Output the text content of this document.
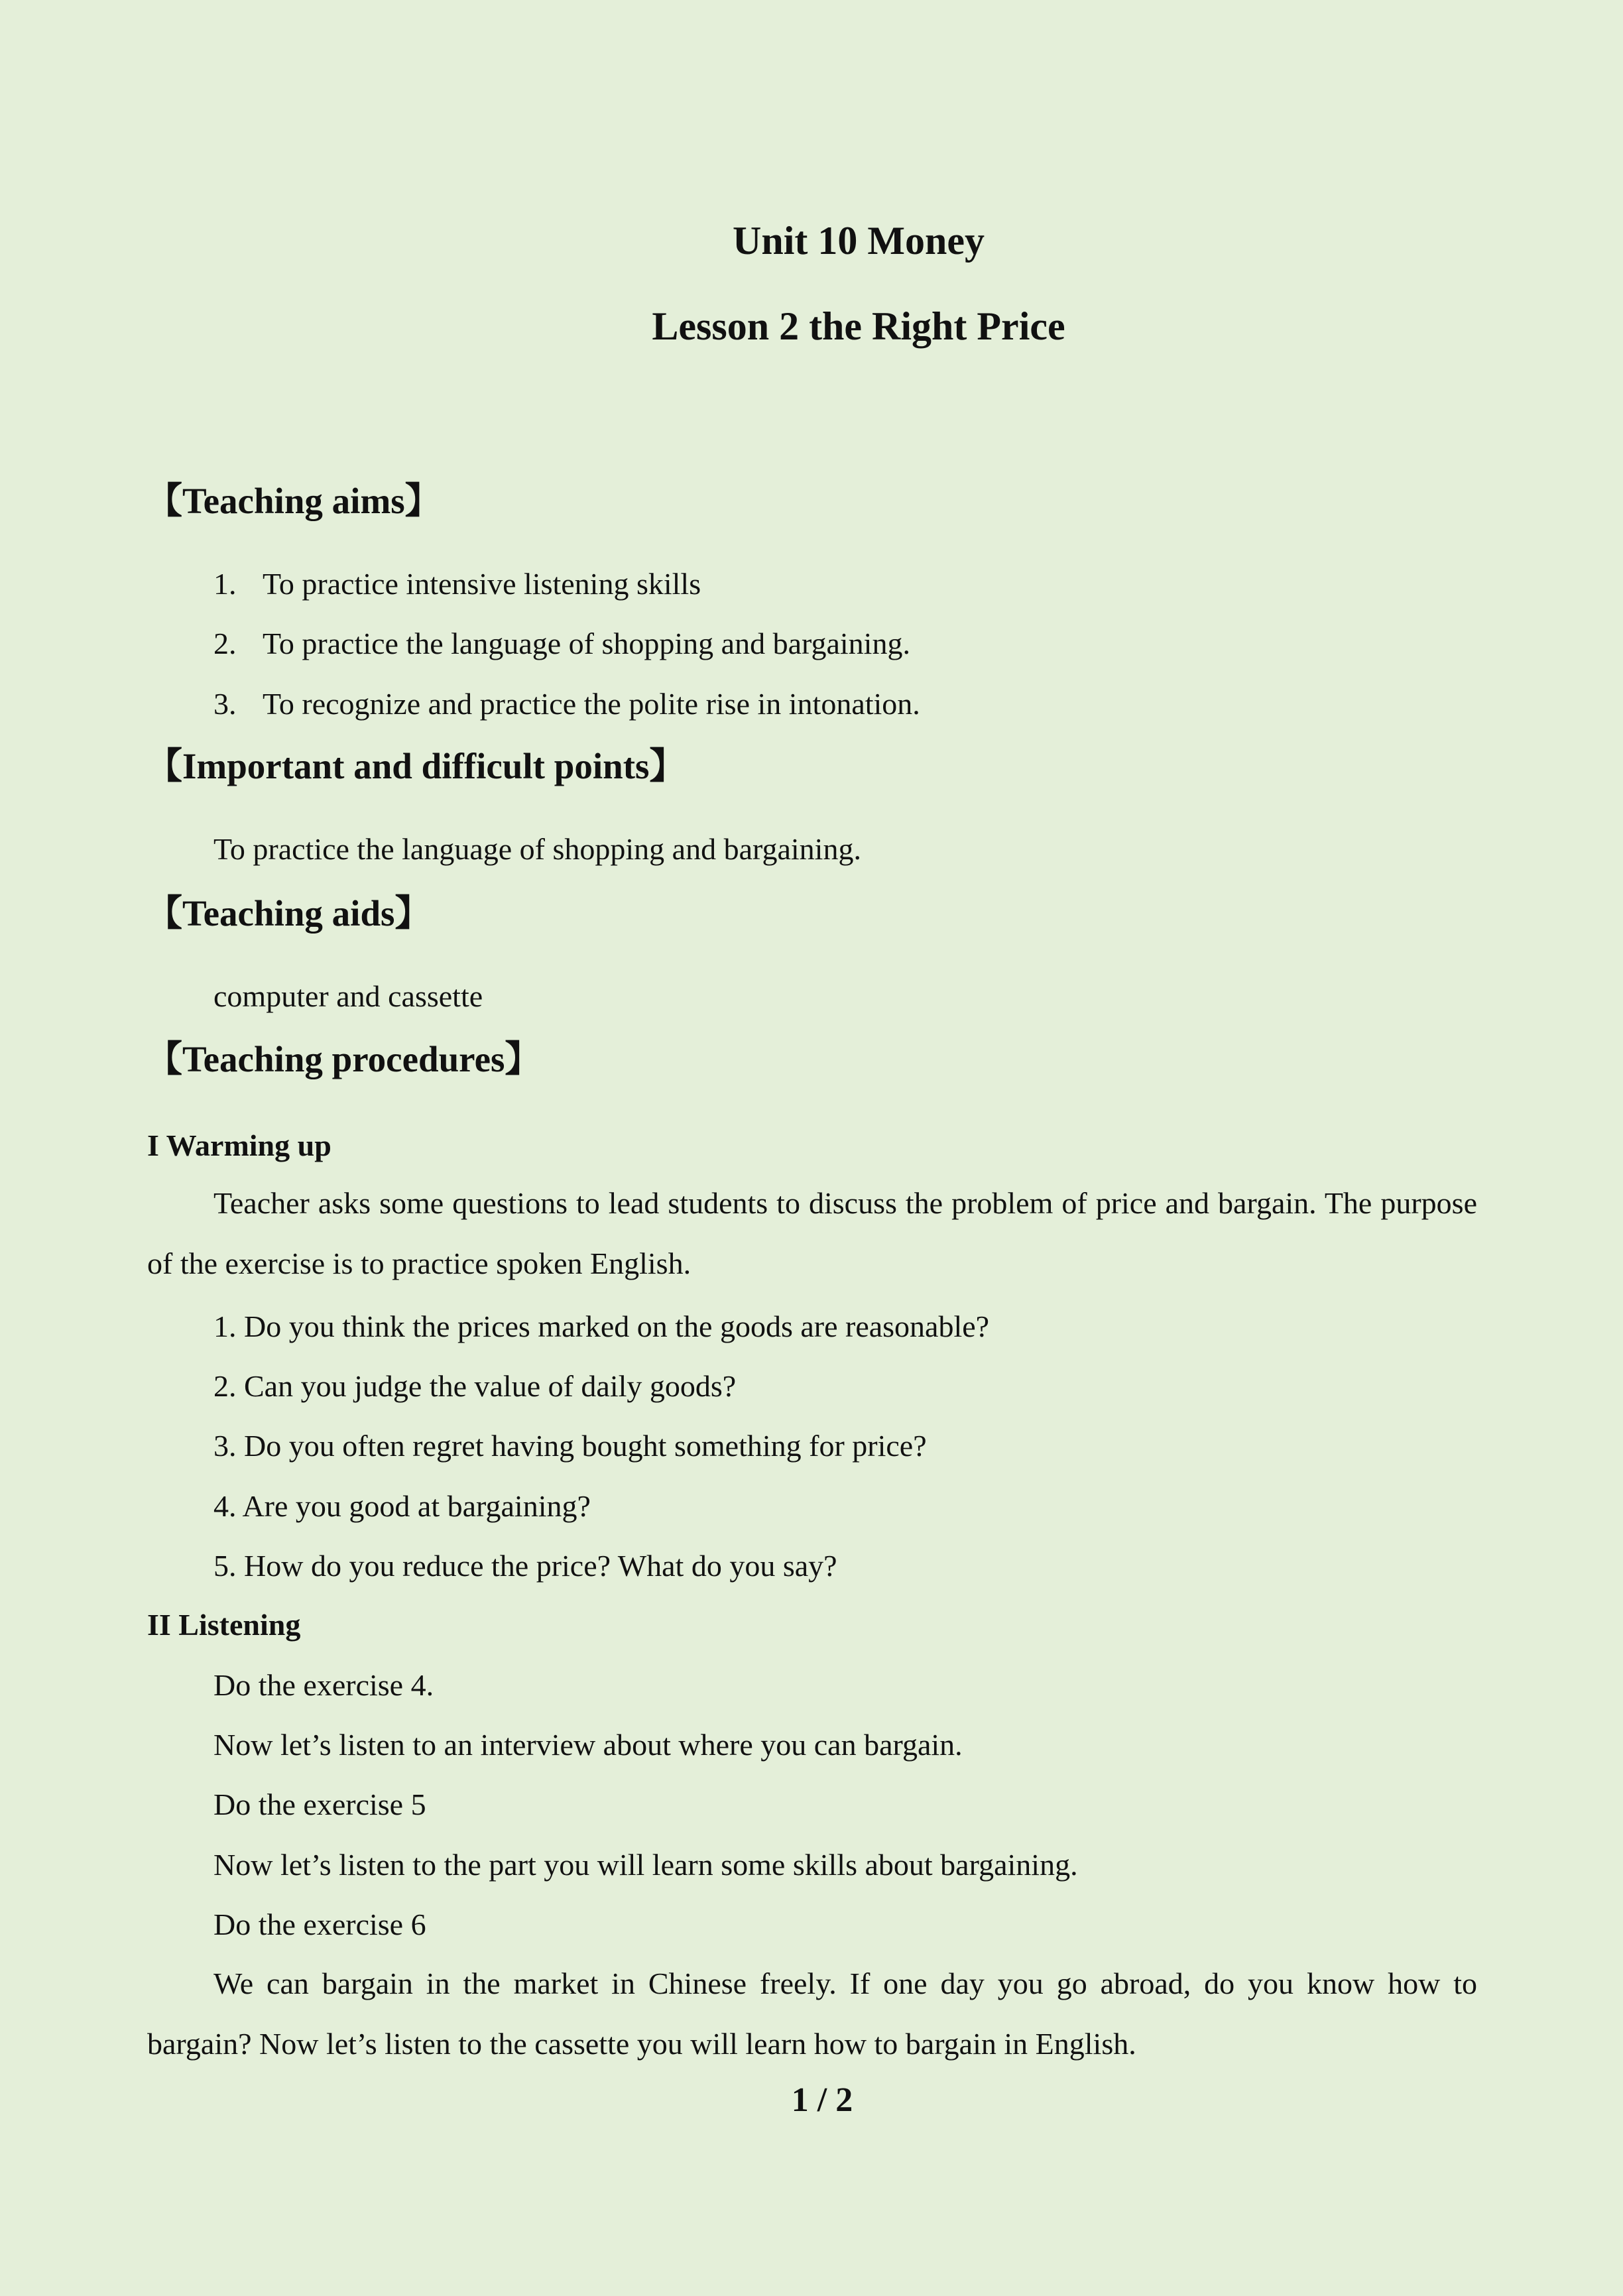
Unit 10 Money
Lesson 2 the Right Price
【Teaching aims】

1. To practice intensive listening skills

2. To practice the language of shopping and bargaining.

3. To recognize and practice the polite rise in intonation.

【Important and difficult points】

To practice the language of shopping and bargaining.

【Teaching aids】

computer and cassette

【Teaching procedures】
I Warming up

Teacher asks some questions to lead students to discuss the problem of price and bargain. The purpose of the exercise is to practice spoken English.

1. Do you think the prices marked on the goods are reasonable?

2. Can you judge the value of daily goods?

3. Do you often regret having bought something for price?

4. Are you good at bargaining?

5. How do you reduce the price? What do you say?

II Listening

Do the exercise 4.

Now let’s listen to an interview about where you can bargain.

Do the exercise 5

Now let’s listen to the part you will learn some skills about bargaining.

Do the exercise 6

We can bargain in the market in Chinese freely. If one day you go abroad, do you know how to bargain? Now let’s listen to the cassette you will learn how to bargain in English.

1 / 2
